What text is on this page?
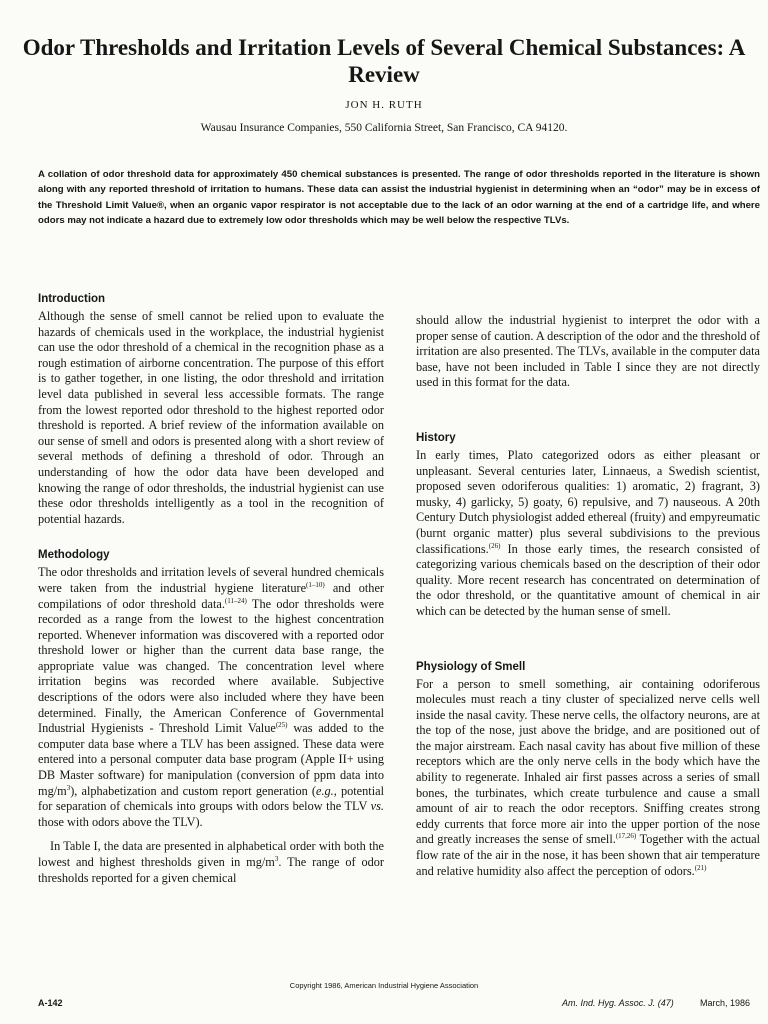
Odor Thresholds and Irritation Levels of Several Chemical Substances: A Review
JON H. RUTH
Wausau Insurance Companies, 550 California Street, San Francisco, CA 94120.

A collation of odor threshold data for approximately 450 chemical substances is presented. The range of odor thresholds reported in the literature is shown along with any reported threshold of irritation to humans. These data can assist the industrial hygienist in determining when an “odor” may be in excess of the Threshold Limit Value®, when an organic vapor respirator is not acceptable due to the lack of an odor warning at the end of a cartridge life, and where odors may not indicate a hazard due to extremely low odor thresholds which may be well below the respective TLVs.

Introduction

Although the sense of smell cannot be relied upon to evaluate the hazards of chemicals used in the workplace, the industrial hygienist can use the odor threshold of a chemical in the recognition phase as a rough estimation of airborne concentration. The purpose of this effort is to gather together, in one listing, the odor threshold and irritation level data published in several less accessible formats. The range from the lowest reported odor threshold to the highest reported odor threshold is reported. A brief review of the information available on our sense of smell and odors is presented along with a short review of several methods of defining a threshold of odor. Through an understanding of how the odor data have been developed and knowing the range of odor thresholds, the industrial hygienist can use these odor thresholds intelligently as a tool in the recognition of potential hazards.

Methodology

The odor thresholds and irritation levels of several hundred chemicals were taken from the industrial hygiene literature$^{(1-10)}$ and other compilations of odor threshold data.$^{(11-24)}$ The odor thresholds were recorded as a range from the lowest to the highest concentration reported. Whenever information was discovered with a reported odor threshold lower or higher than the current data base range, the appropriate value was changed. The concentration level where irritation begins was recorded where available. Subjective descriptions of the odors were also included where they have been determined. Finally, the American Conference of Governmental Industrial Hygienists - Threshold Limit Value$^{(25)}$ was added to the computer data base where a TLV has been assigned. These data were entered into a personal computer data base program (Apple II+ using DB Master software) for manipulation (conversion of ppm data into $mg/m^3$), alphabetization and custom report generation (e.g., potential for separation of chemicals into groups with odors below the TLV vs. those with odors above the TLV).

In Table I, the data are presented in alphabetical order with both the lowest and highest thresholds given in $mg/m^3$. The range of odor thresholds reported for a given chemical

should allow the industrial hygienist to interpret the odor with a proper sense of caution. A description of the odor and the threshold of irritation are also presented. The TLVs, available in the computer data base, have not been included in Table I since they are not directly used in this format for the data.

History

In early times, Plato categorized odors as either pleasant or unpleasant. Several centuries later, Linnaeus, a Swedish scientist, proposed seven odoriferous qualities: 1) aromatic, 2) fragrant, 3) musky, 4) garlicky, 5) goaty, 6) repulsive, and 7) nauseous. A 20th Century Dutch physiologist added ethereal (fruity) and empyreumatic (burnt organic matter) plus several subdivisions to the previous classifications.$^{(26)}$ In those early times, the research consisted of categorizing various chemicals based on the description of their odor quality. More recent research has concentrated on determination of the odor threshold, or the quantitative amount of chemical in air which can be detected by the human sense of smell.

Physiology of Smell

For a person to smell something, air containing odoriferous molecules must reach a tiny cluster of specialized nerve cells well inside the nasal cavity. These nerve cells, the olfactory neurons, are at the top of the nose, just above the bridge, and are positioned out of the major airstream. Each nasal cavity has about five million of these receptors which are the only nerve cells in the body which have the ability to regenerate. Inhaled air first passes across a series of small bones, the turbinates, which create turbulence and cause a small amount of air to reach the odor receptors. Sniffing creates strong eddy currents that force more air into the upper portion of the nose and greatly increases the sense of smell.$^{(17,26)}$ Together with the actual flow rate of the air in the nose, it has been shown that air temperature and relative humidity also affect the perception of odors.$^{(21)}$

Copyright 1986, American Industrial Hygiene Association
A-142	Am. Ind. Hyg. Assoc. J. (47)	March, 1986
